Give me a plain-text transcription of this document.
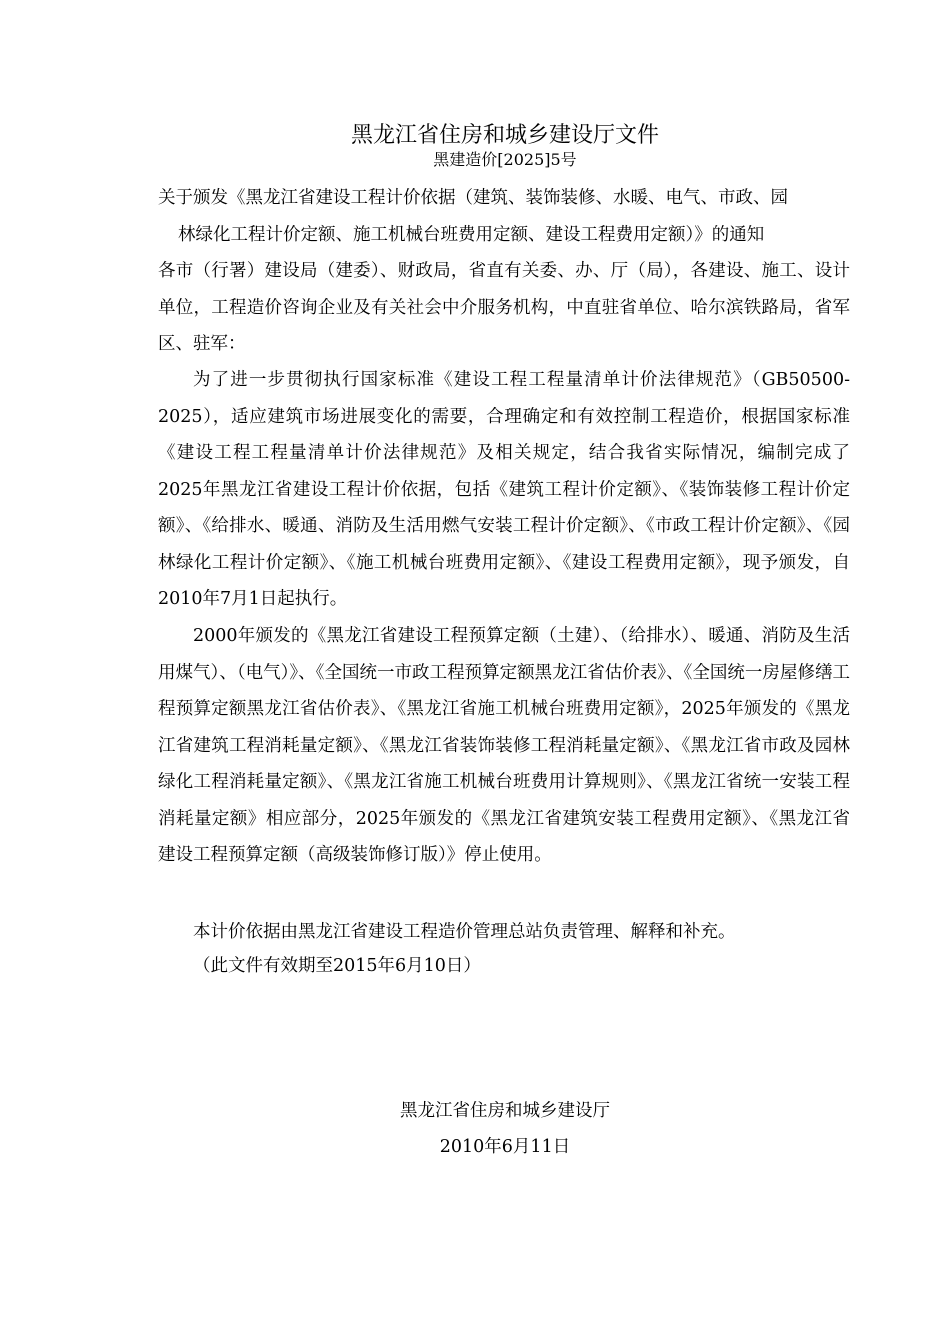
黑龙江省住房和城乡建设厅文件
黑建造价[2025]5号

关于颁发《黑龙江省建设工程计价依据（建筑、装饰装修、水暖、电气、市政、园
林绿化工程计价定额、施工机械台班费用定额、建设工程费用定额）》的通知

各市（行署）建设局（建委）、财政局，省直有关委、办、厅（局），各建设、施工、设计单位，工程造价咨询企业及有关社会中介服务机构，中直驻省单位、哈尔滨铁路局，省军区、驻军：

为了进一步贯彻执行国家标准《建设工程工程量清单计价法律规范》（GB50500-2025），适应建筑市场进展变化的需要，合理确定和有效控制工程造价，根据国家标准《建设工程工程量清单计价法律规范》及相关规定，结合我省实际情况，编制完成了2025年黑龙江省建设工程计价依据，包括《建筑工程计价定额》、《装饰装修工程计价定额》、《给排水、暖通、消防及生活用燃气安装工程计价定额》、《市政工程计价定额》、《园林绿化工程计价定额》、《施工机械台班费用定额》、《建设工程费用定额》，现予颁发，自2010年7月1日起执行。

2000年颁发的《黑龙江省建设工程预算定额（土建）、（给排水）、暖通、消防及生活用煤气）、（电气）》、《全国统一市政工程预算定额黑龙江省估价表》、《全国统一房屋修缮工程预算定额黑龙江省估价表》、《黑龙江省施工机械台班费用定额》，2025年颁发的《黑龙江省建筑工程消耗量定额》、《黑龙江省装饰装修工程消耗量定额》、《黑龙江省市政及园林绿化工程消耗量定额》、《黑龙江省施工机械台班费用计算规则》、《黑龙江省统一安装工程消耗量定额》相应部分，2025年颁发的《黑龙江省建筑安装工程费用定额》、《黑龙江省建设工程预算定额（高级装饰修订版）》停止使用。

本计价依据由黑龙江省建设工程造价管理总站负责管理、解释和补充。

（此文件有效期至2015年6月10日）

黑龙江省住房和城乡建设厅
2010年6月11日
